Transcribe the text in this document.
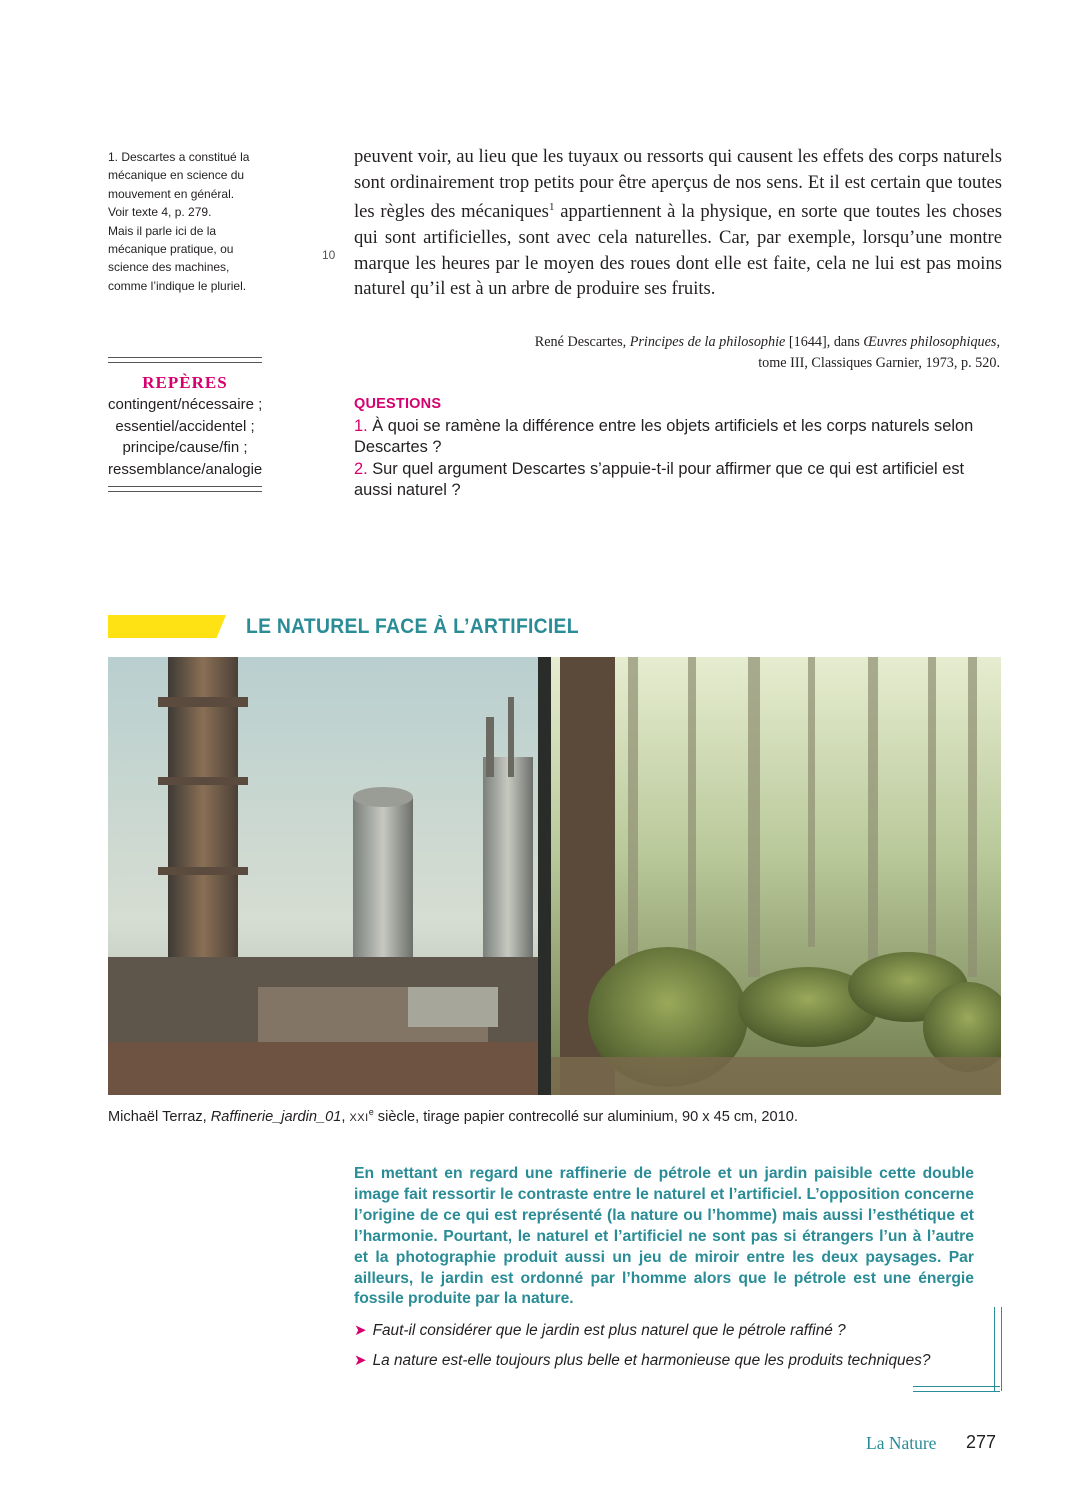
1. Descartes a constitué la

mécanique en science du

mouvement en général.

Voir texte 4, p. 279.

Mais il parle ici de la

mécanique pratique, ou

science des machines,

comme l’indique le pluriel.

REPÈRES
contingent/nécessaire ;
essentiel/accidentel ;
principe/cause/fin ;
ressemblance/analogie
10

peuvent voir, au lieu que les tuyaux ou ressorts qui causent les effets des corps naturels sont ordinairement trop petits pour être aperçus de nos sens. Et il est certain que toutes les règles des mécaniques$^1$ appartiennent à la physique, en sorte que toutes les choses qui sont artificielles, sont avec cela naturelles. Car, par exemple, lorsqu’une montre marque les heures par le moyen des roues dont elle est faite, cela ne lui est pas moins naturel qu’il est à un arbre de produire ses fruits.

René Descartes, Principes de la philosophie [1644], dans Œuvres philosophiques,
tome III, Classiques Garnier, 1973, p. 520.
QUESTIONS

1. À quoi se ramène la différence entre les objets artificiels et les corps naturels selon Descartes ?

2. Sur quel argument Descartes s’appuie-t-il pour affirmer que ce qui est artificiel est aussi naturel ?

LE NATUREL FACE À L’ARTIFICIEL
Michaël Terraz, Raffinerie_jardin_01, XXIe siècle, tirage papier contrecollé sur aluminium, 90 x 45 cm, 2010.

En mettant en regard une raffinerie de pétrole et un jardin paisible cette double image fait ressortir le contraste entre le naturel et l’artificiel. L’opposition concerne l’origine de ce qui est représenté (la nature ou l’homme) mais aussi l’esthétique et l’harmonie. Pourtant, le naturel et l’artificiel ne sont pas si étrangers l’un à l’autre et la photographie produit aussi un jeu de miroir entre les deux paysages. Par ailleurs, le jardin est ordonné par l’homme alors que le pétrole est une énergie fossile produite par la nature.

➤ Faut-il considérer que le jardin est plus naturel que le pétrole raffiné ?
➤ La nature est-elle toujours plus belle et harmonieuse que les produits techniques?
La Nature 277
